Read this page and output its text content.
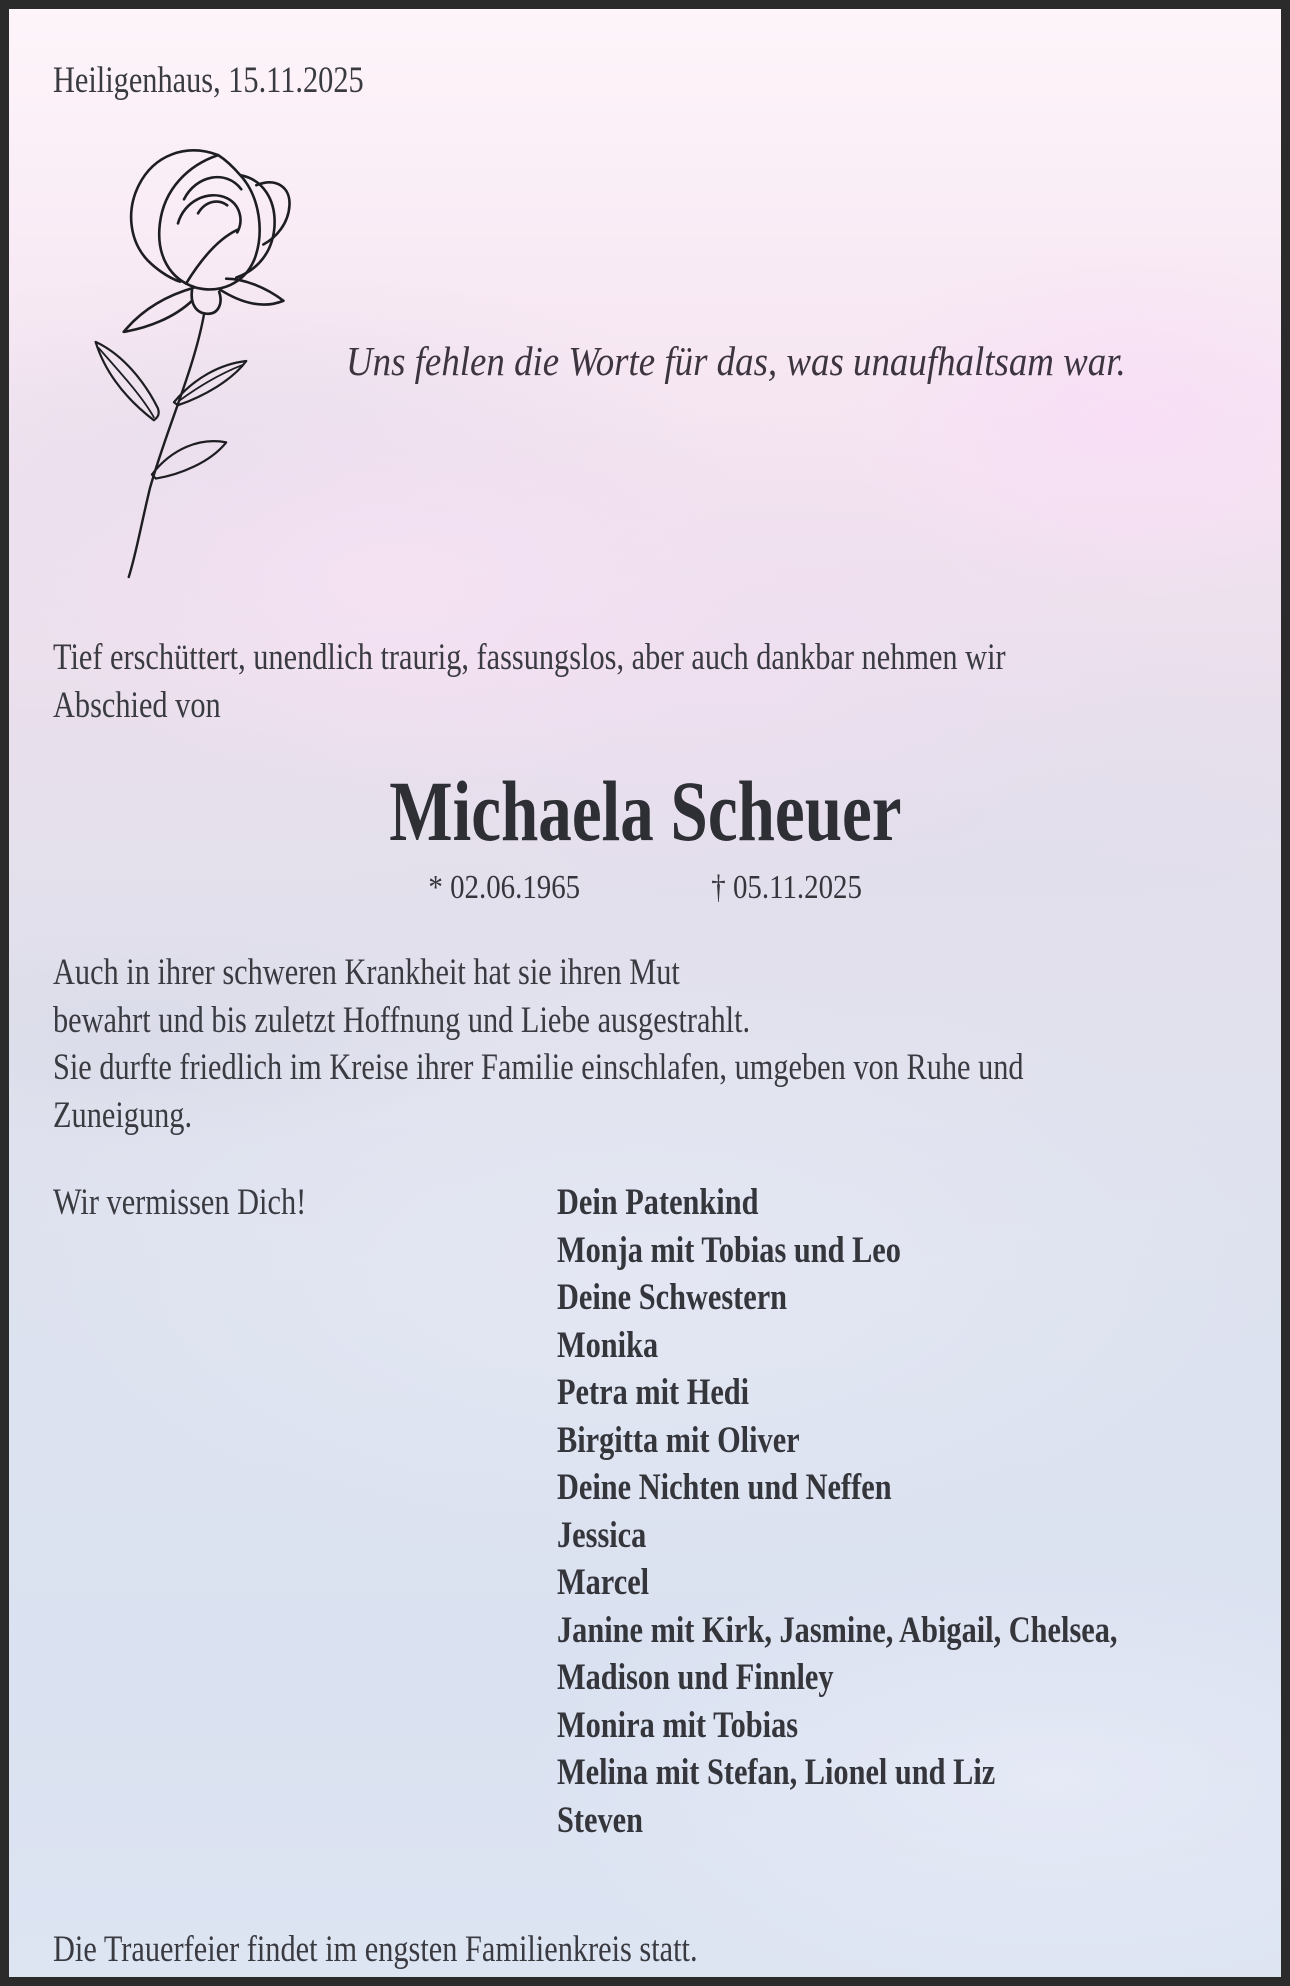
Heiligenhaus, 15.11.2025
Uns fehlen die Worte für das, was unaufhaltsam war.
Tief erschüttert, unendlich traurig, fassungslos, aber auch dankbar nehmen wir
Abschied von
Michaela Scheuer
* 02.06.1965	† 05.11.2025
Auch in ihrer schweren Krankheit hat sie ihren Mut
bewahrt und bis zuletzt Hoffnung und Liebe ausgestrahlt.
Sie durfte friedlich im Kreise ihrer Familie einschlafen, umgeben von Ruhe und
Zuneigung.
Wir vermissen Dich!	Dein Patenkind
Monja mit Tobias und Leo
Deine Schwestern
Monika
Petra mit Hedi
Birgitta mit Oliver
Deine Nichten und Neffen
Jessica
Marcel
Janine mit Kirk, Jasmine, Abigail, Chelsea,
Madison und Finnley
Monira mit Tobias
Melina mit Stefan, Lionel und Liz
Steven
Die Trauerfeier findet im engsten Familienkreis statt.
